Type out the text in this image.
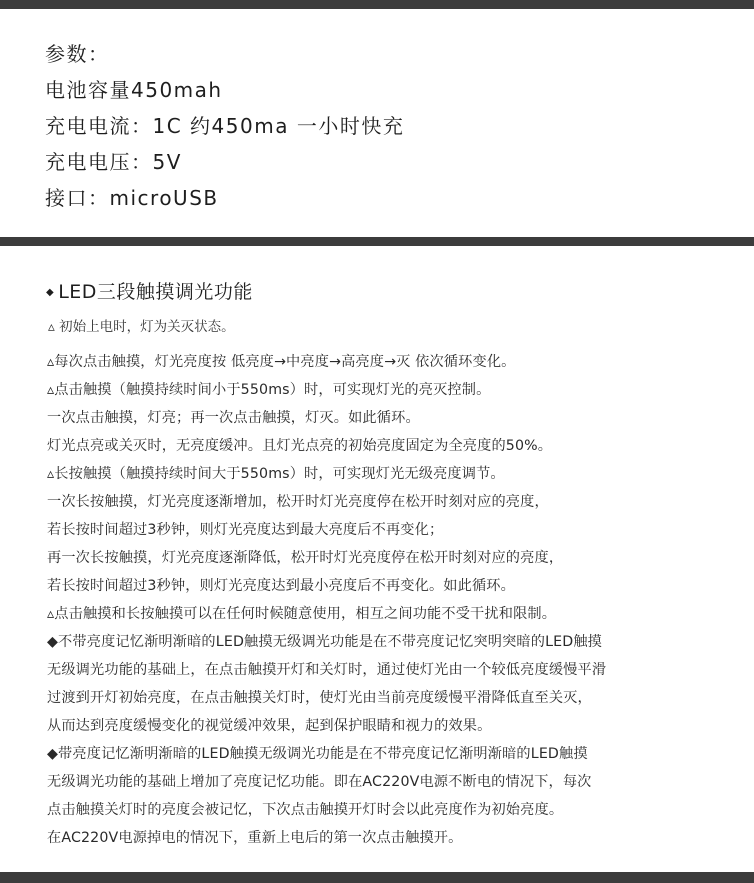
参数：
电池容量450mah
充电电流：1C 约450ma 一小时快充
充电电压：5V
接口：microUSB
◆ LED三段触摸调光功能
▵ 初始上电时，灯为关灭状态。
▵每次点击触摸，灯光亮度按 低亮度→中亮度→高亮度→灭 依次循环变化。
▵点击触摸（触摸持续时间小于550ms）时，可实现灯光的亮灭控制。
一次点击触摸，灯亮；再一次点击触摸，灯灭。如此循环。
灯光点亮或关灭时，无亮度缓冲。且灯光点亮的初始亮度固定为全亮度的50%。
▵长按触摸（触摸持续时间大于550ms）时，可实现灯光无级亮度调节。
一次长按触摸，灯光亮度逐渐增加，松开时灯光亮度停在松开时刻对应的亮度，
若长按时间超过3秒钟，则灯光亮度达到最大亮度后不再变化；
再一次长按触摸，灯光亮度逐渐降低，松开时灯光亮度停在松开时刻对应的亮度，
若长按时间超过3秒钟，则灯光亮度达到最小亮度后不再变化。如此循环。
▵点击触摸和长按触摸可以在任何时候随意使用，相互之间功能不受干扰和限制。
◆不带亮度记忆渐明渐暗的LED触摸无级调光功能是在不带亮度记忆突明突暗的LED触摸
无级调光功能的基础上，在点击触摸开灯和关灯时，通过使灯光由一个较低亮度缓慢平滑
过渡到开灯初始亮度，在点击触摸关灯时，使灯光由当前亮度缓慢平滑降低直至关灭，
从而达到亮度缓慢变化的视觉缓冲效果，起到保护眼睛和视力的效果。
◆带亮度记忆渐明渐暗的LED触摸无级调光功能是在不带亮度记忆渐明渐暗的LED触摸
无级调光功能的基础上增加了亮度记忆功能。即在AC220V电源不断电的情况下，每次
点击触摸关灯时的亮度会被记忆，下次点击触摸开灯时会以此亮度作为初始亮度。
在AC220V电源掉电的情况下，重新上电后的第一次点击触摸开。
